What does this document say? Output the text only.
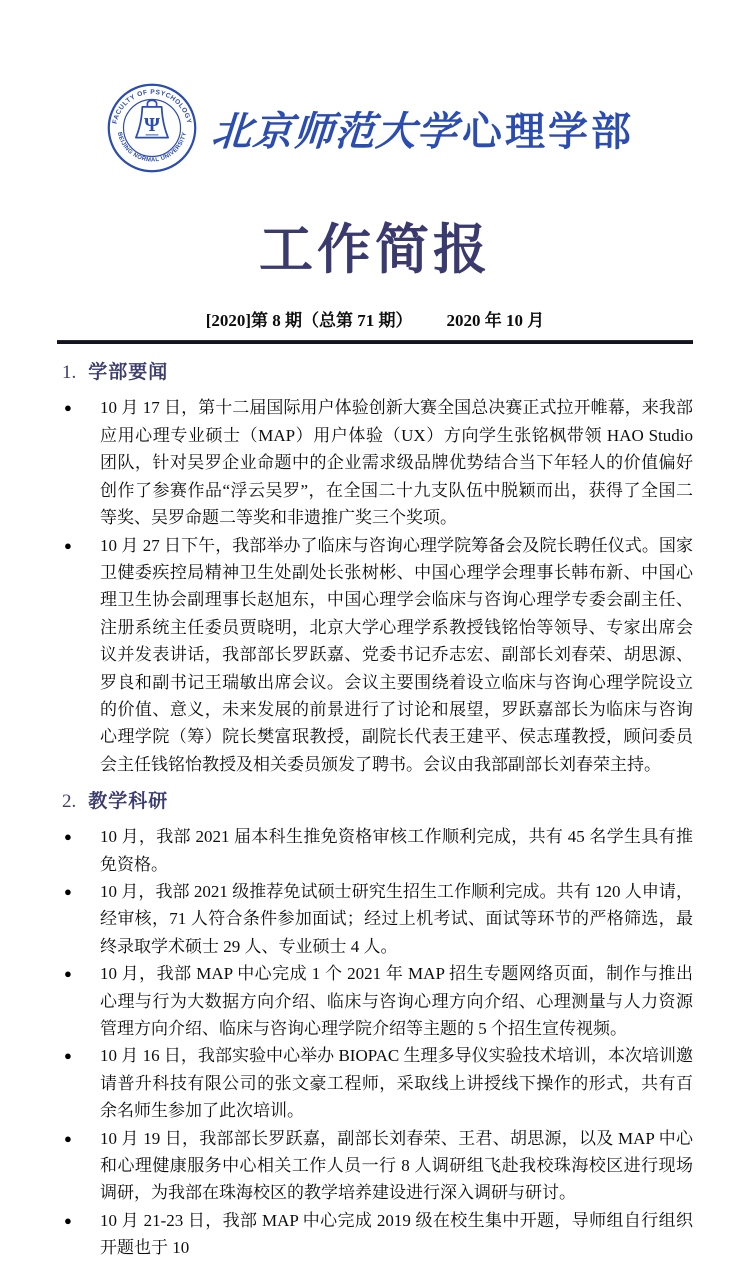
FACULTY OF PSYCHOLOGY
BEIJING NORMAL UNIVERSITY
Ψ 北京师范大学 心理学部
工作简报
[2020]第 8 期（总第 71 期） 2020 年 10 月
1. 学部要闻
● 10 月 17 日，第十二届国际用户体验创新大赛全国总决赛正式拉开帷幕，来我部应用心理专业硕士（MAP）用户体验（UX）方向学生张铭枫带领 HAO Studio 团队，针对吴罗企业命题中的企业需求级品牌优势结合当下年轻人的价值偏好创作了参赛作品“浮云吴罗”，在全国二十九支队伍中脱颖而出，获得了全国二等奖、吴罗命题二等奖和非遗推广奖三个奖项。
● 10 月 27 日下午，我部举办了临床与咨询心理学院筹备会及院长聘任仪式。国家卫健委疾控局精神卫生处副处长张树彬、中国心理学会理事长韩布新、中国心理卫生协会副理事长赵旭东，中国心理学会临床与咨询心理学专委会副主任、注册系统主任委员贾晓明，北京大学心理学系教授钱铭怡等领导、专家出席会议并发表讲话，我部部长罗跃嘉、党委书记乔志宏、副部长刘春荣、胡思源、罗良和副书记王瑞敏出席会议。会议主要围绕着设立临床与咨询心理学院设立的价值、意义，未来发展的前景进行了讨论和展望，罗跃嘉部长为临床与咨询心理学院（筹）院长樊富珉教授，副院长代表王建平、侯志瑾教授，顾问委员会主任钱铭怡教授及相关委员颁发了聘书。会议由我部副部长刘春荣主持。
2. 教学科研
● 10 月，我部 2021 届本科生推免资格审核工作顺利完成，共有 45 名学生具有推免资格。
● 10 月，我部 2021 级推荐免试硕士研究生招生工作顺利完成。共有 120 人申请，经审核，71 人符合条件参加面试；经过上机考试、面试等环节的严格筛选，最终录取学术硕士 29 人、专业硕士 4 人。
● 10 月，我部 MAP 中心完成 1 个 2021 年 MAP 招生专题网络页面，制作与推出心理与行为大数据方向介绍、临床与咨询心理方向介绍、心理测量与人力资源管理方向介绍、临床与咨询心理学院介绍等主题的 5 个招生宣传视频。
● 10 月 16 日，我部实验中心举办 BIOPAC 生理多导仪实验技术培训，本次培训邀请普升科技有限公司的张文豪工程师，采取线上讲授线下操作的形式，共有百余名师生参加了此次培训。
● 10 月 19 日，我部部长罗跃嘉，副部长刘春荣、王君、胡思源，以及 MAP 中心和心理健康服务中心相关工作人员一行 8 人调研组飞赴我校珠海校区进行现场调研，为我部在珠海校区的教学培养建设进行深入调研与研讨。
● 10 月 21-23 日，我部 MAP 中心完成 2019 级在校生集中开题，导师组自行组织开题也于 10
